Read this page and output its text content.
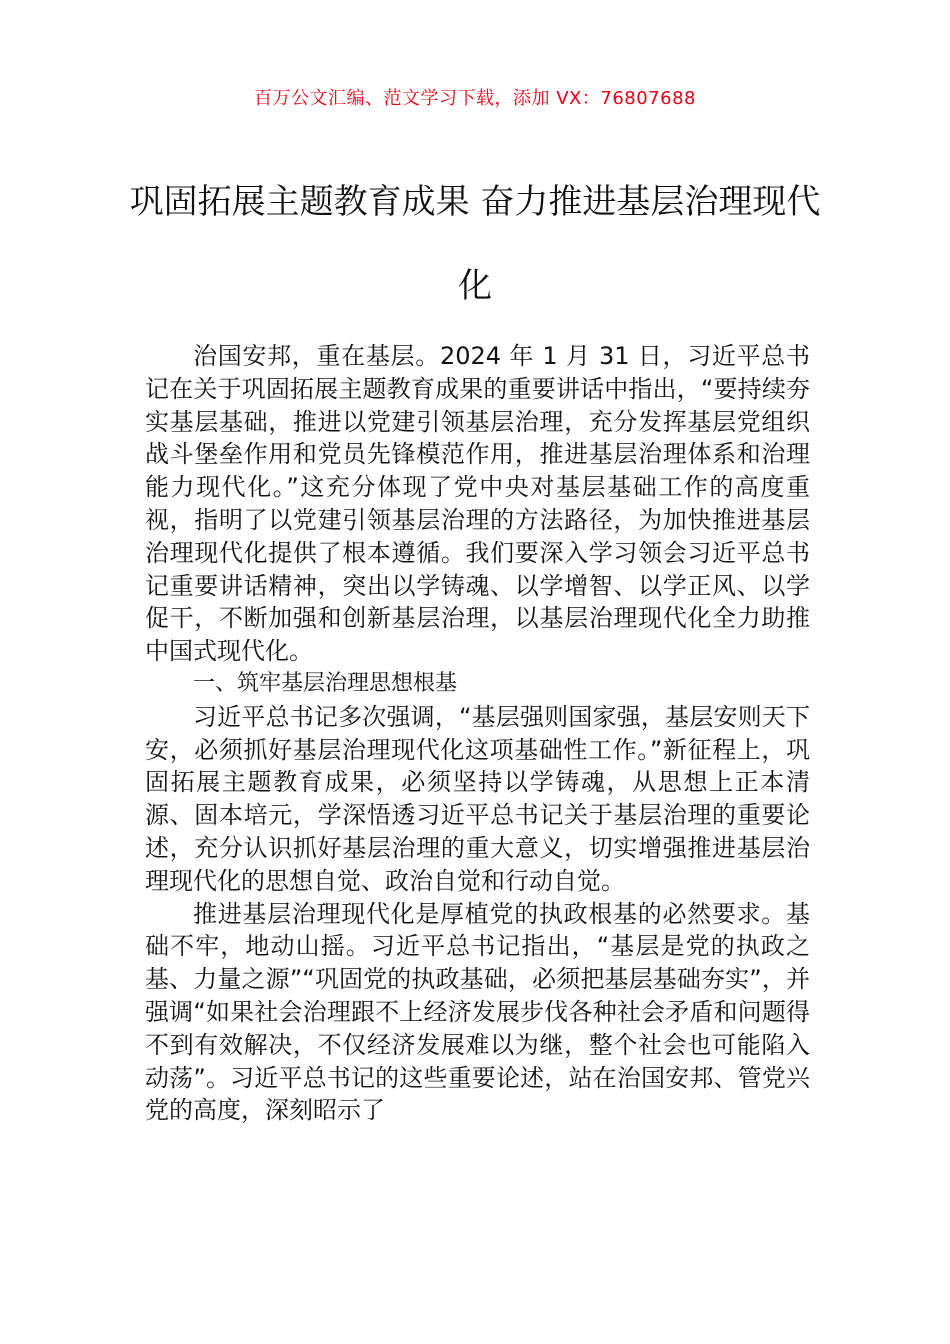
百万公文汇编、范文学习下载，添加 VX：76807688
巩固拓展主题教育成果 奋力推进基层治理现代化

治国安邦，重在基层。2024 年 1 月 31 日，习近平总书记在关于巩固拓展主题教育成果的重要讲话中指出，“要持续夯实基层基础，推进以党建引领基层治理，充分发挥基层党组织战斗堡垒作用和党员先锋模范作用，推进基层治理体系和治理能力现代化。”这充分体现了党中央对基层基础工作的高度重视，指明了以党建引领基层治理的方法路径，为加快推进基层治理现代化提供了根本遵循。我们要深入学习领会习近平总书记重要讲话精神，突出以学铸魂、以学增智、以学正风、以学促干，不断加强和创新基层治理，以基层治理现代化全力助推中国式现代化。

一、筑牢基层治理思想根基

习近平总书记多次强调，“基层强则国家强，基层安则天下安，必须抓好基层治理现代化这项基础性工作。”新征程上，巩固拓展主题教育成果，必须坚持以学铸魂，从思想上正本清源、固本培元，学深悟透习近平总书记关于基层治理的重要论述，充分认识抓好基层治理的重大意义，切实增强推进基层治理现代化的思想自觉、政治自觉和行动自觉。

推进基层治理现代化是厚植党的执政根基的必然要求。基础不牢，地动山摇。习近平总书记指出，“基层是党的执政之基、力量之源”“巩固党的执政基础，必须把基层基础夯实”，并强调“如果社会治理跟不上经济发展步伐各种社会矛盾和问题得不到有效解决，不仅经济发展难以为继，整个社会也可能陷入动荡”。习近平总书记的这些重要论述，站在治国安邦、管党兴党的高度，深刻昭示了
